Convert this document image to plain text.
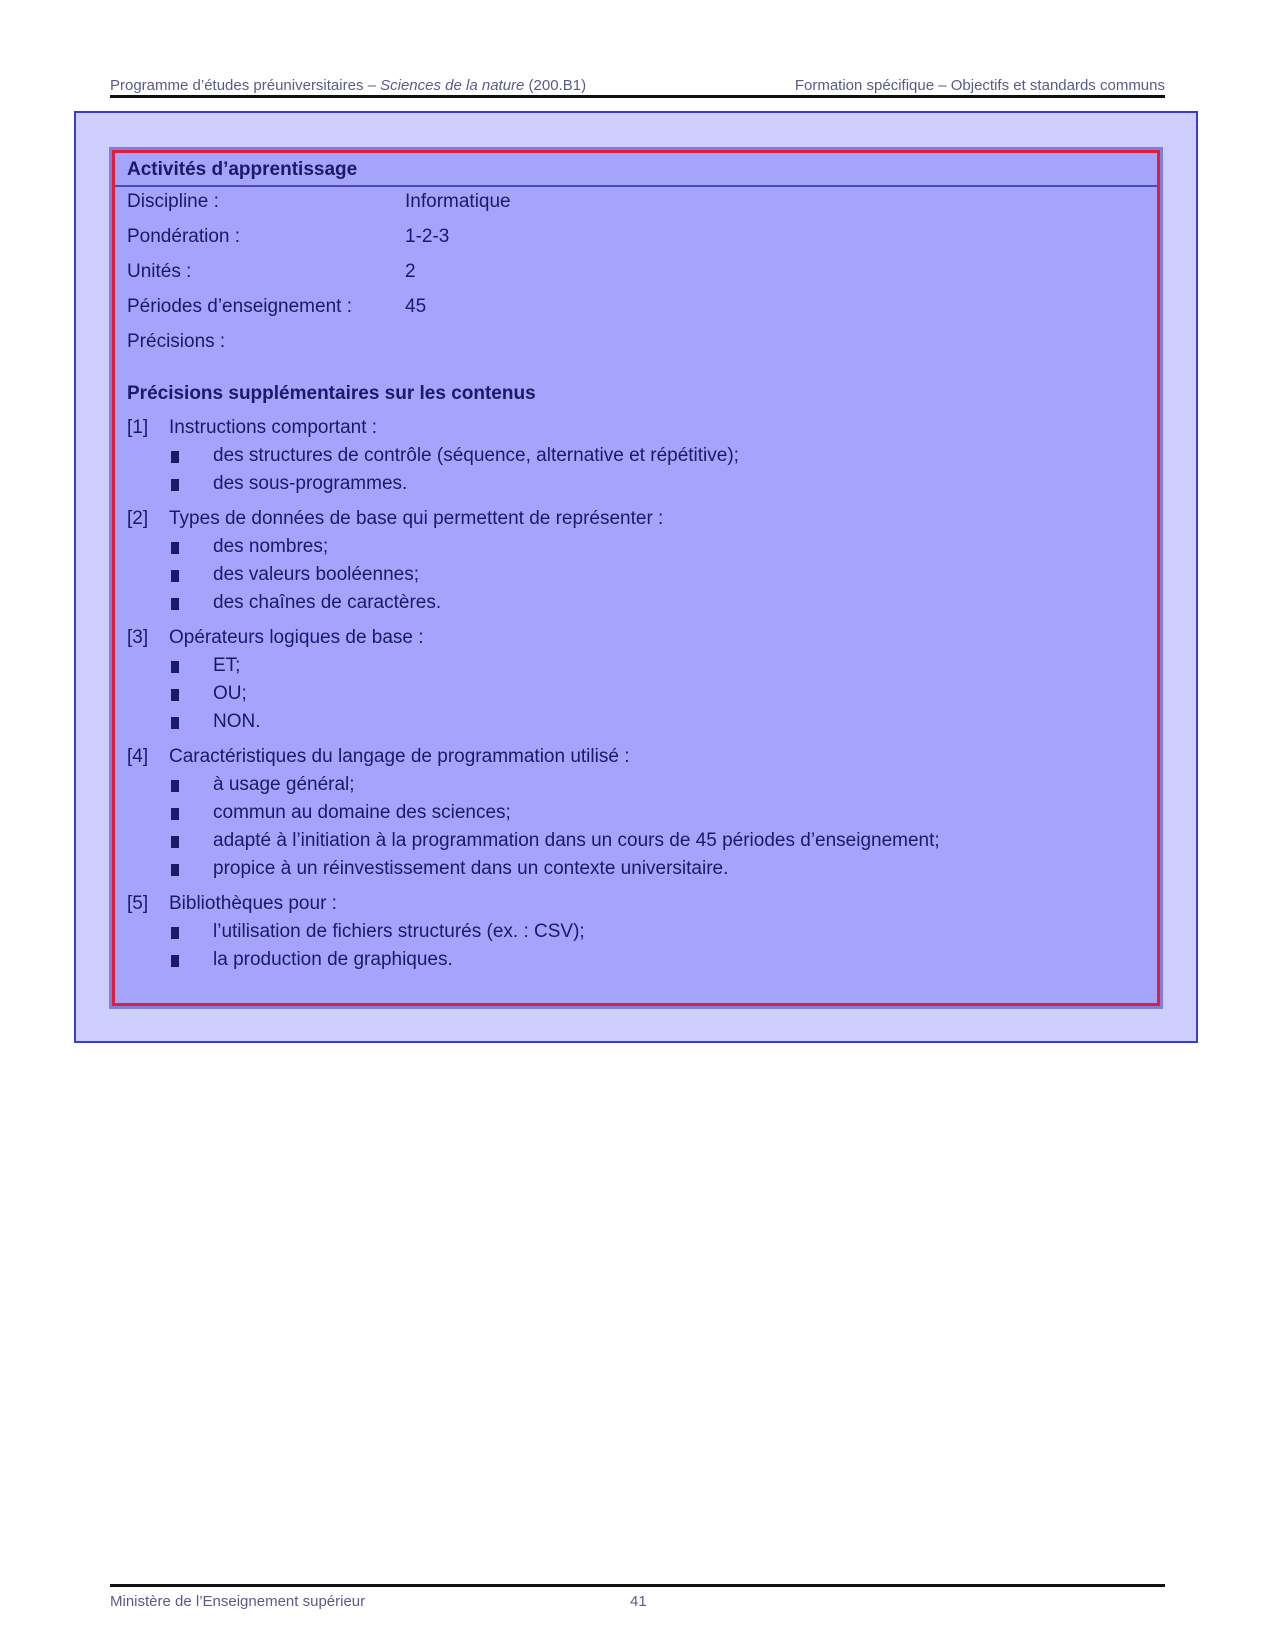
Programme d’études préuniversitaires – Sciences de la nature (200.B1)	Formation spécifique – Objectifs et standards communs
Activités d’apprentissage
Discipline :	Informatique
Pondération :	1-2-3
Unités :	2
Périodes d’enseignement :	45
Précisions :
Précisions supplémentaires sur les contenus
[1] Instructions comportant :
des structures de contrôle (séquence, alternative et répétitive);
des sous-programmes.
[2] Types de données de base qui permettent de représenter :
des nombres;
des valeurs booléennes;
des chaînes de caractères.
[3] Opérateurs logiques de base :
ET;
OU;
NON.
[4] Caractéristiques du langage de programmation utilisé :
à usage général;
commun au domaine des sciences;
adapté à l’initiation à la programmation dans un cours de 45 périodes d’enseignement;
propice à un réinvestissement dans un contexte universitaire.
[5] Bibliothèques pour :
l’utilisation de fichiers structurés (ex. : CSV);
la production de graphiques.
Ministère de l’Enseignement supérieur	41
